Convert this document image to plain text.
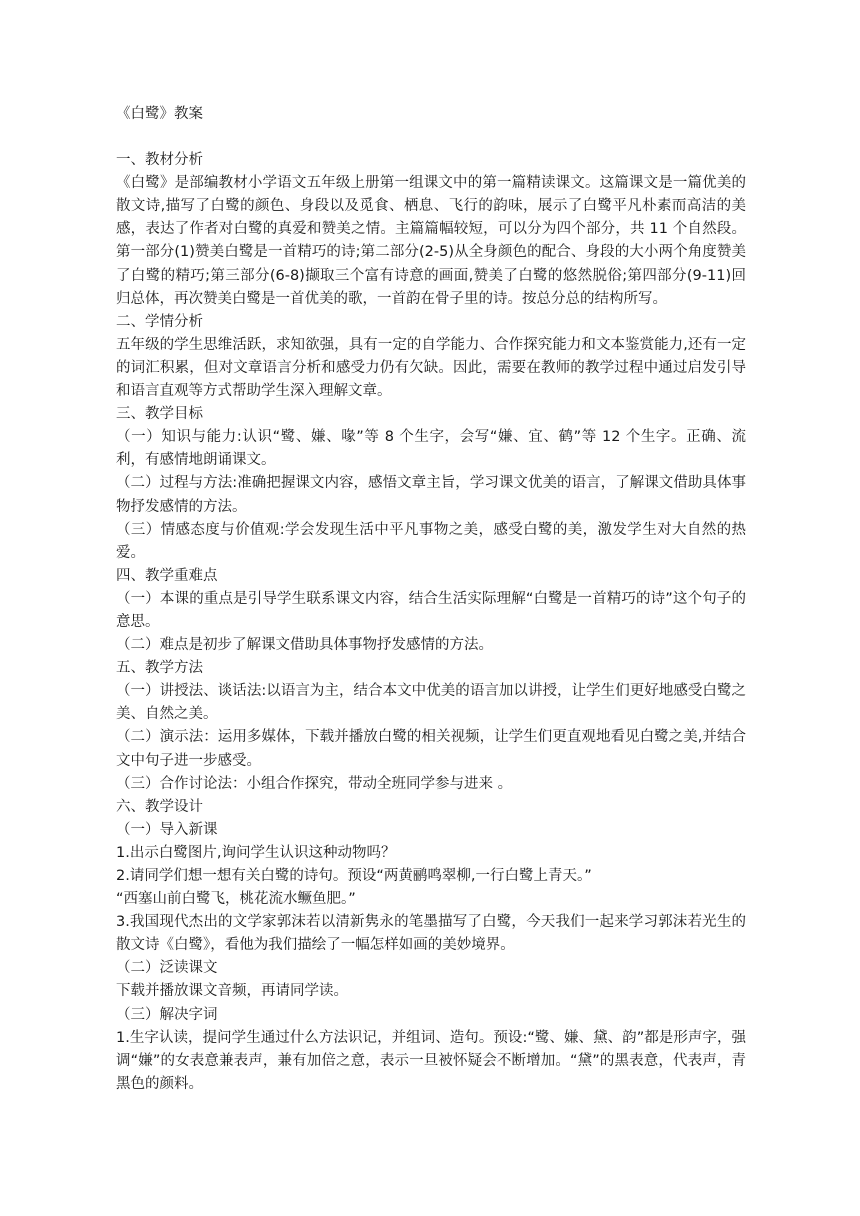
《白鹭》教案

一、教材分析

《白鹭》是部编教材小学语文五年级上册第一组课文中的第一篇精读课文。这篇课文是一篇优美的散文诗,描写了白鹭的颜色、身段以及觅食、栖息、飞行的韵味，展示了白鹭平凡朴素而高洁的美感，表达了作者对白鹭的真爱和赞美之情。主篇篇幅较短，可以分为四个部分，共 11 个自然段。第一部分(1)赞美白鹭是一首精巧的诗;第二部分(2-5)从全身颜色的配合、身段的大小两个角度赞美了白鹭的精巧;第三部分(6-8)撷取三个富有诗意的画面,赞美了白鹭的悠然脱俗;第四部分(9-11)回归总体，再次赞美白鹭是一首优美的歌，一首韵在骨子里的诗。按总分总的结构所写。

二、学情分析

五年级的学生思维活跃，求知欲强，具有一定的自学能力、合作探究能力和文本鉴赏能力,还有一定的词汇积累，但对文章语言分析和感受力仍有欠缺。因此，需要在教师的教学过程中通过启发引导和语言直观等方式帮助学生深入理解文章。

三、教学目标

（一）知识与能力:认识“鹭、嫌、喙”等 8 个生字，会写“嫌、宜、鹤”等 12 个生字。正确、流利，有感情地朗诵课文。

（二）过程与方法:准确把握课文内容，感悟文章主旨，学习课文优美的语言，了解课文借助具体事物抒发感情的方法。

（三）情感态度与价值观:学会发现生活中平凡事物之美，感受白鹭的美，激发学生对大自然的热爱。

四、教学重难点

（一）本课的重点是引导学生联系课文内容，结合生活实际理解“白鹭是一首精巧的诗”这个句子的意思。

（二）难点是初步了解课文借助具体事物抒发感情的方法。

五、教学方法

（一）讲授法、谈话法:以语言为主，结合本文中优美的语言加以讲授，让学生们更好地感受白鹭之美、自然之美。

（二）演示法：运用多媒体，下载并播放白鹭的相关视频，让学生们更直观地看见白鹭之美,并结合文中句子进一步感受。

（三）合作讨论法：小组合作探究，带动全班同学参与进来 。

六、教学设计

（一）导入新课

1.出示白鹭图片,询问学生认识这种动物吗？

2.请同学们想一想有关白鹭的诗句。预设“两黄鹂鸣翠柳,一行白鹭上青天。”

“西塞山前白鹭飞，桃花流水鳜鱼肥。”

3.我国现代杰出的文学家郭沫若以清新隽永的笔墨描写了白鹭，今天我们一起来学习郭沫若光生的散文诗《白鹭》，看他为我们描绘了一幅怎样如画的美妙境界。

（二）泛读课文

下载并播放课文音频，再请同学读。

（三）解决字词

1.生字认读，提问学生通过什么方法识记，并组词、造句。预设:“鹭、嫌、黛、韵”都是形声字，强调“嫌”的女表意兼表声，兼有加倍之意，表示一旦被怀疑会不断增加。“黛”的黑表意，代表声，青黑色的颜料。
